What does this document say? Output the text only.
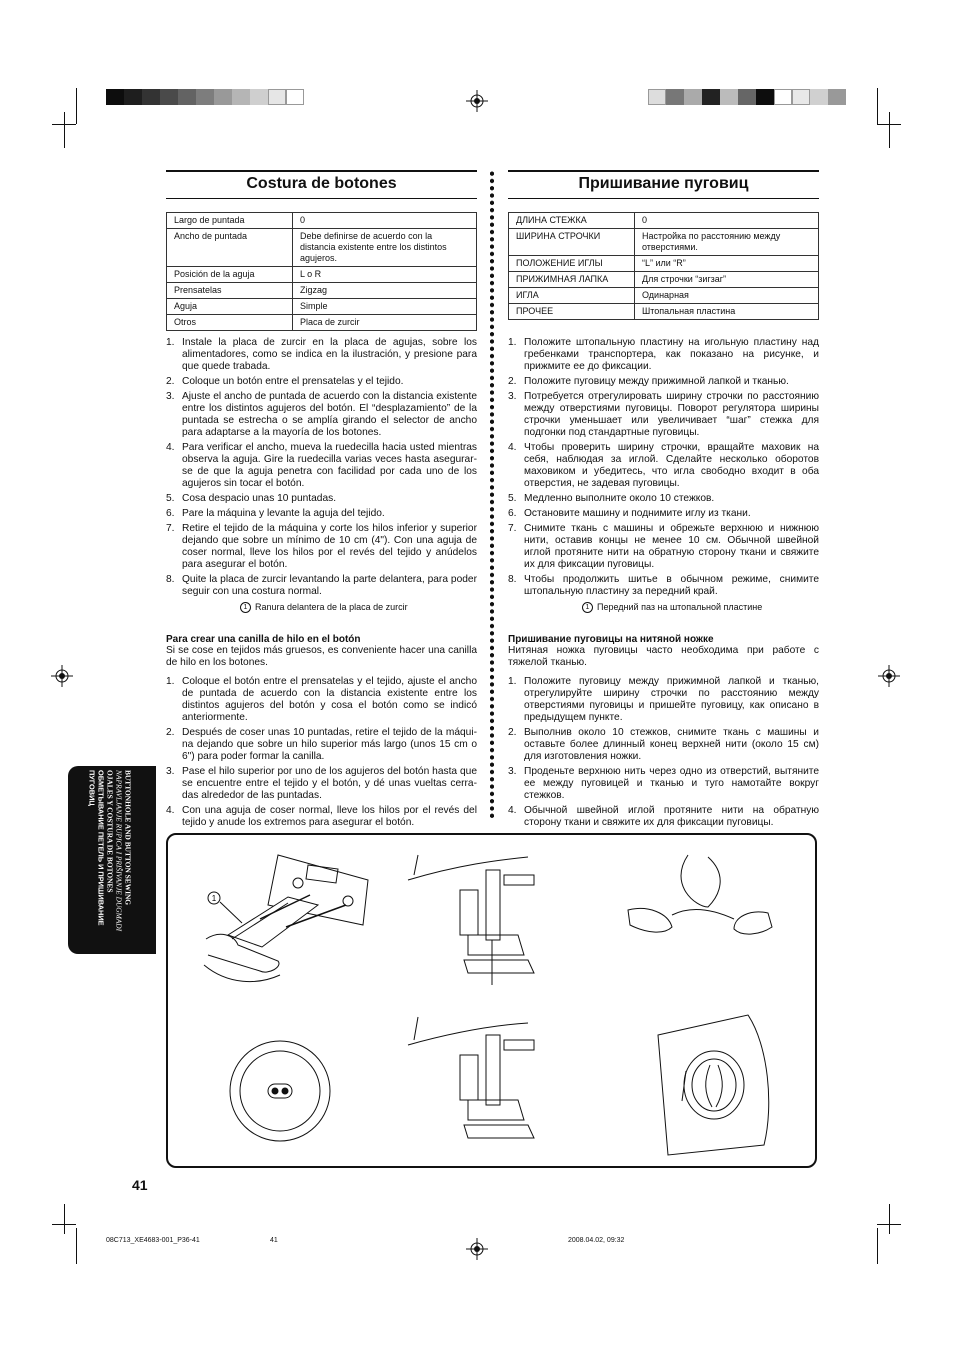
Costura de botones
Largo de puntada	0
Ancho de puntada	Debe definirse de acuerdo con la distancia existente entre los distintos agujeros.
Posición de la aguja	L o R
Prensatelas	Zigzag
Aguja	Simple
Otros	Placa de zurcir
1. Instale la placa de zurcir en la placa de agujas, sobre los alimentadores, como se indica en la ilustración, y presione para que quede trabada.
2. Coloque un botón entre el prensatelas y el tejido.
3. Ajuste el ancho de puntada de acuerdo con la distancia existente entre los distintos agujeros del botón. El “desplazamiento” de la puntada se estrecha o se amplía girando el selector de ancho para adaptarse a la mayoría de los botones.
4. Para verificar el ancho, mueva la ruedecilla hacia usted mientras observa la aguja. Gire la ruedecilla varias veces hasta asegurar-se de que la aguja penetra con facilidad por cada uno de los agujeros sin tocar el botón.
5. Cosa despacio unas 10 puntadas.
6. Pare la máquina y levante la aguja del tejido.
7. Retire el tejido de la máquina y corte los hilos inferior y superior dejando que sobre un mínimo de 10 cm (4"). Con una aguja de coser normal, lleve los hilos por el revés del tejido y anúdelos para asegurar el botón.
8. Quite la placa de zurcir levantando la parte delantera, para poder seguir con una costura normal.
1 Ranura delantera de la placa de zurcir
Para crear una canilla de hilo en el botón
Si se cose en tejidos más gruesos, es conveniente hacer una canilla de hilo en los botones.
1. Coloque el botón entre el prensatelas y el tejido, ajuste el ancho de puntada de acuerdo con la distancia existente entre los distintos agujeros del botón y cosa el botón como se indicó anteriormente.
2. Después de coser unas 10 puntadas, retire el tejido de la máqui-na dejando que sobre un hilo superior más largo (unos 15 cm o 6") para poder formar la canilla.
3. Pase el hilo superior por uno de los agujeros del botón hasta que se encuentre entre el tejido y el botón, y dé unas vueltas cerra-das alrededor de las puntadas.
4. Con una aguja de coser normal, lleve los hilos por el revés del tejido y anude los extremos para asegurar el botón.
Пришивание пуговиц
ДЛИНА СТЕЖКА	0
ШИРИНА СТРОЧКИ	Настройка по расстоянию между отверстиями.
ПОЛОЖЕНИЕ ИГЛЫ	“L” или “R”
ПРИЖИМНАЯ ЛАПКА	Для строчки “зигзаг”
ИГЛА	Одинарная
ПРОЧЕЕ	Штопальная пластина
1. Положите штопальную пластину на игольную пластину над гребенками транспортера, как показано на рисунке, и прижмите ее до фиксации.
2. Положите пуговицу между прижимной лапкой и тканью.
3. Потребуется отрегулировать ширину строчки по расстоянию между отверстиями пуговицы. Поворот регулятора ширины строчки уменьшает или увеличивает “шаг” стежка для подгонки под стандартные пуговицы.
4. Чтобы проверить ширину строчки, вращайте маховик на себя, наблюдая за иглой. Сделайте несколько оборотов маховиком и убедитесь, что игла свободно входит в оба отверстия, не задевая пуговицы.
5. Медленно выполните около 10 стежков.
6. Остановите машину и поднимите иглу из ткани.
7. Снимите ткань с машины и обрежьте верхнюю и нижнюю нити, оставив концы не менее 10 см. Обычной швейной иглой протяните нити на обратную сторону ткани и свяжите их для фиксации пуговицы.
8. Чтобы продолжить шитье в обычном режиме, снимите штопальную пластину за передний край.
1 Передний паз на штопальной пластине
Пришивание пуговицы на нитяной ножке
Нитяная ножка пуговицы часто необходима при работе с тяжелой тканью.
1. Положите пуговицу между прижимной лапкой и тканью, отрегулируйте ширину строчки по расстоянию между отверстиями пуговицы и пришейте пуговицу, как описано в предыдущем пункте.
2. Выполнив около 10 стежков, снимите ткань с машины и оставьте более длинный конец верхней нити (около 15 см) для изготовления ножки.
3. Проденьте верхнюю нить через одно из отверстий, вытяните ее между пуговицей и тканью и туго намотайте вокруг стежков.
4. Обычной швейной иглой протяните нити на обратную сторону ткани и свяжите их для фиксации пуговицы.
BUTTONHOLE AND BUTTON SEWING
NAPRAVLJANJE RUPICA I PRIŠIVANJE DUGMADI
OJALES Y COSTURA DE BOTONES
ОБМЕТЫВАНИЕ ПЕТЕЛЬ И ПРИШИВАНИЕ ПУГОВИЦ
1
41
08C713_XE4683-001_P36-41	41	2008.04.02, 09:32
